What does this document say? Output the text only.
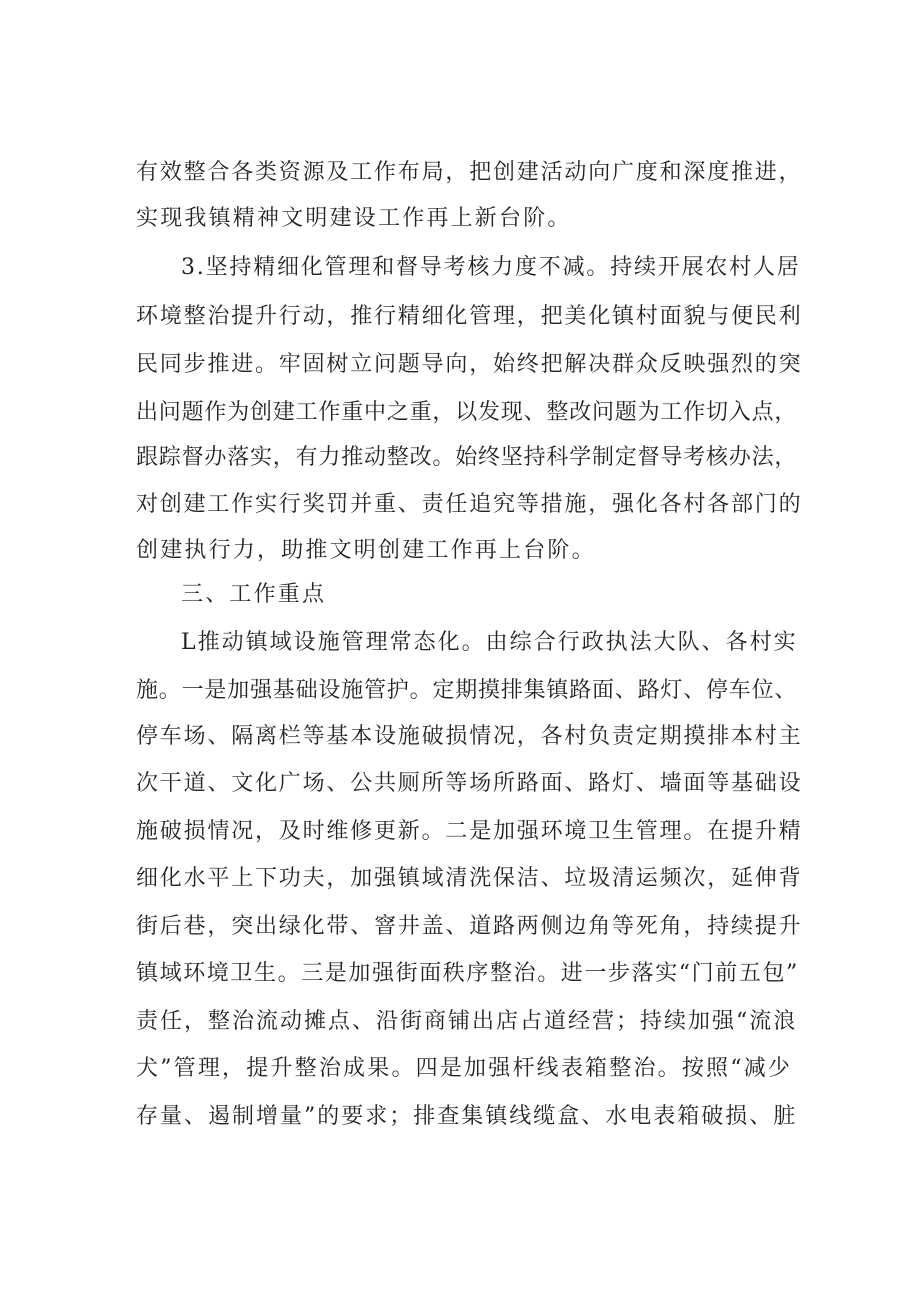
有效整合各类资源及工作布局，把创建活动向广度和深度推进，
实现我镇精神文明建设工作再上新台阶。
3.坚持精细化管理和督导考核力度不减。持续开展农村人居
环境整治提升行动，推行精细化管理，把美化镇村面貌与便民利
民同步推进。牢固树立问题导向，始终把解决群众反映强烈的突
出问题作为创建工作重中之重，以发现、整改问题为工作切入点，
跟踪督办落实，有力推动整改。始终坚持科学制定督导考核办法，
对创建工作实行奖罚并重、责任追究等措施，强化各村各部门的
创建执行力，助推文明创建工作再上台阶。
三、工作重点
L推动镇域设施管理常态化。由综合行政执法大队、各村实
施。一是加强基础设施管护。定期摸排集镇路面、路灯、停车位、
停车场、隔离栏等基本设施破损情况，各村负责定期摸排本村主
次干道、文化广场、公共厕所等场所路面、路灯、墙面等基础设
施破损情况，及时维修更新。二是加强环境卫生管理。在提升精
细化水平上下功夫，加强镇域清洗保洁、垃圾清运频次，延伸背
街后巷，突出绿化带、窨井盖、道路两侧边角等死角，持续提升
镇域环境卫生。三是加强街面秩序整治。进一步落实“门前五包”
责任，整治流动摊点、沿街商铺出店占道经营；持续加强“流浪
犬”管理，提升整治成果。四是加强杆线表箱整治。按照“减少
存量、遏制增量”的要求；排查集镇线缆盒、水电表箱破损、脏
